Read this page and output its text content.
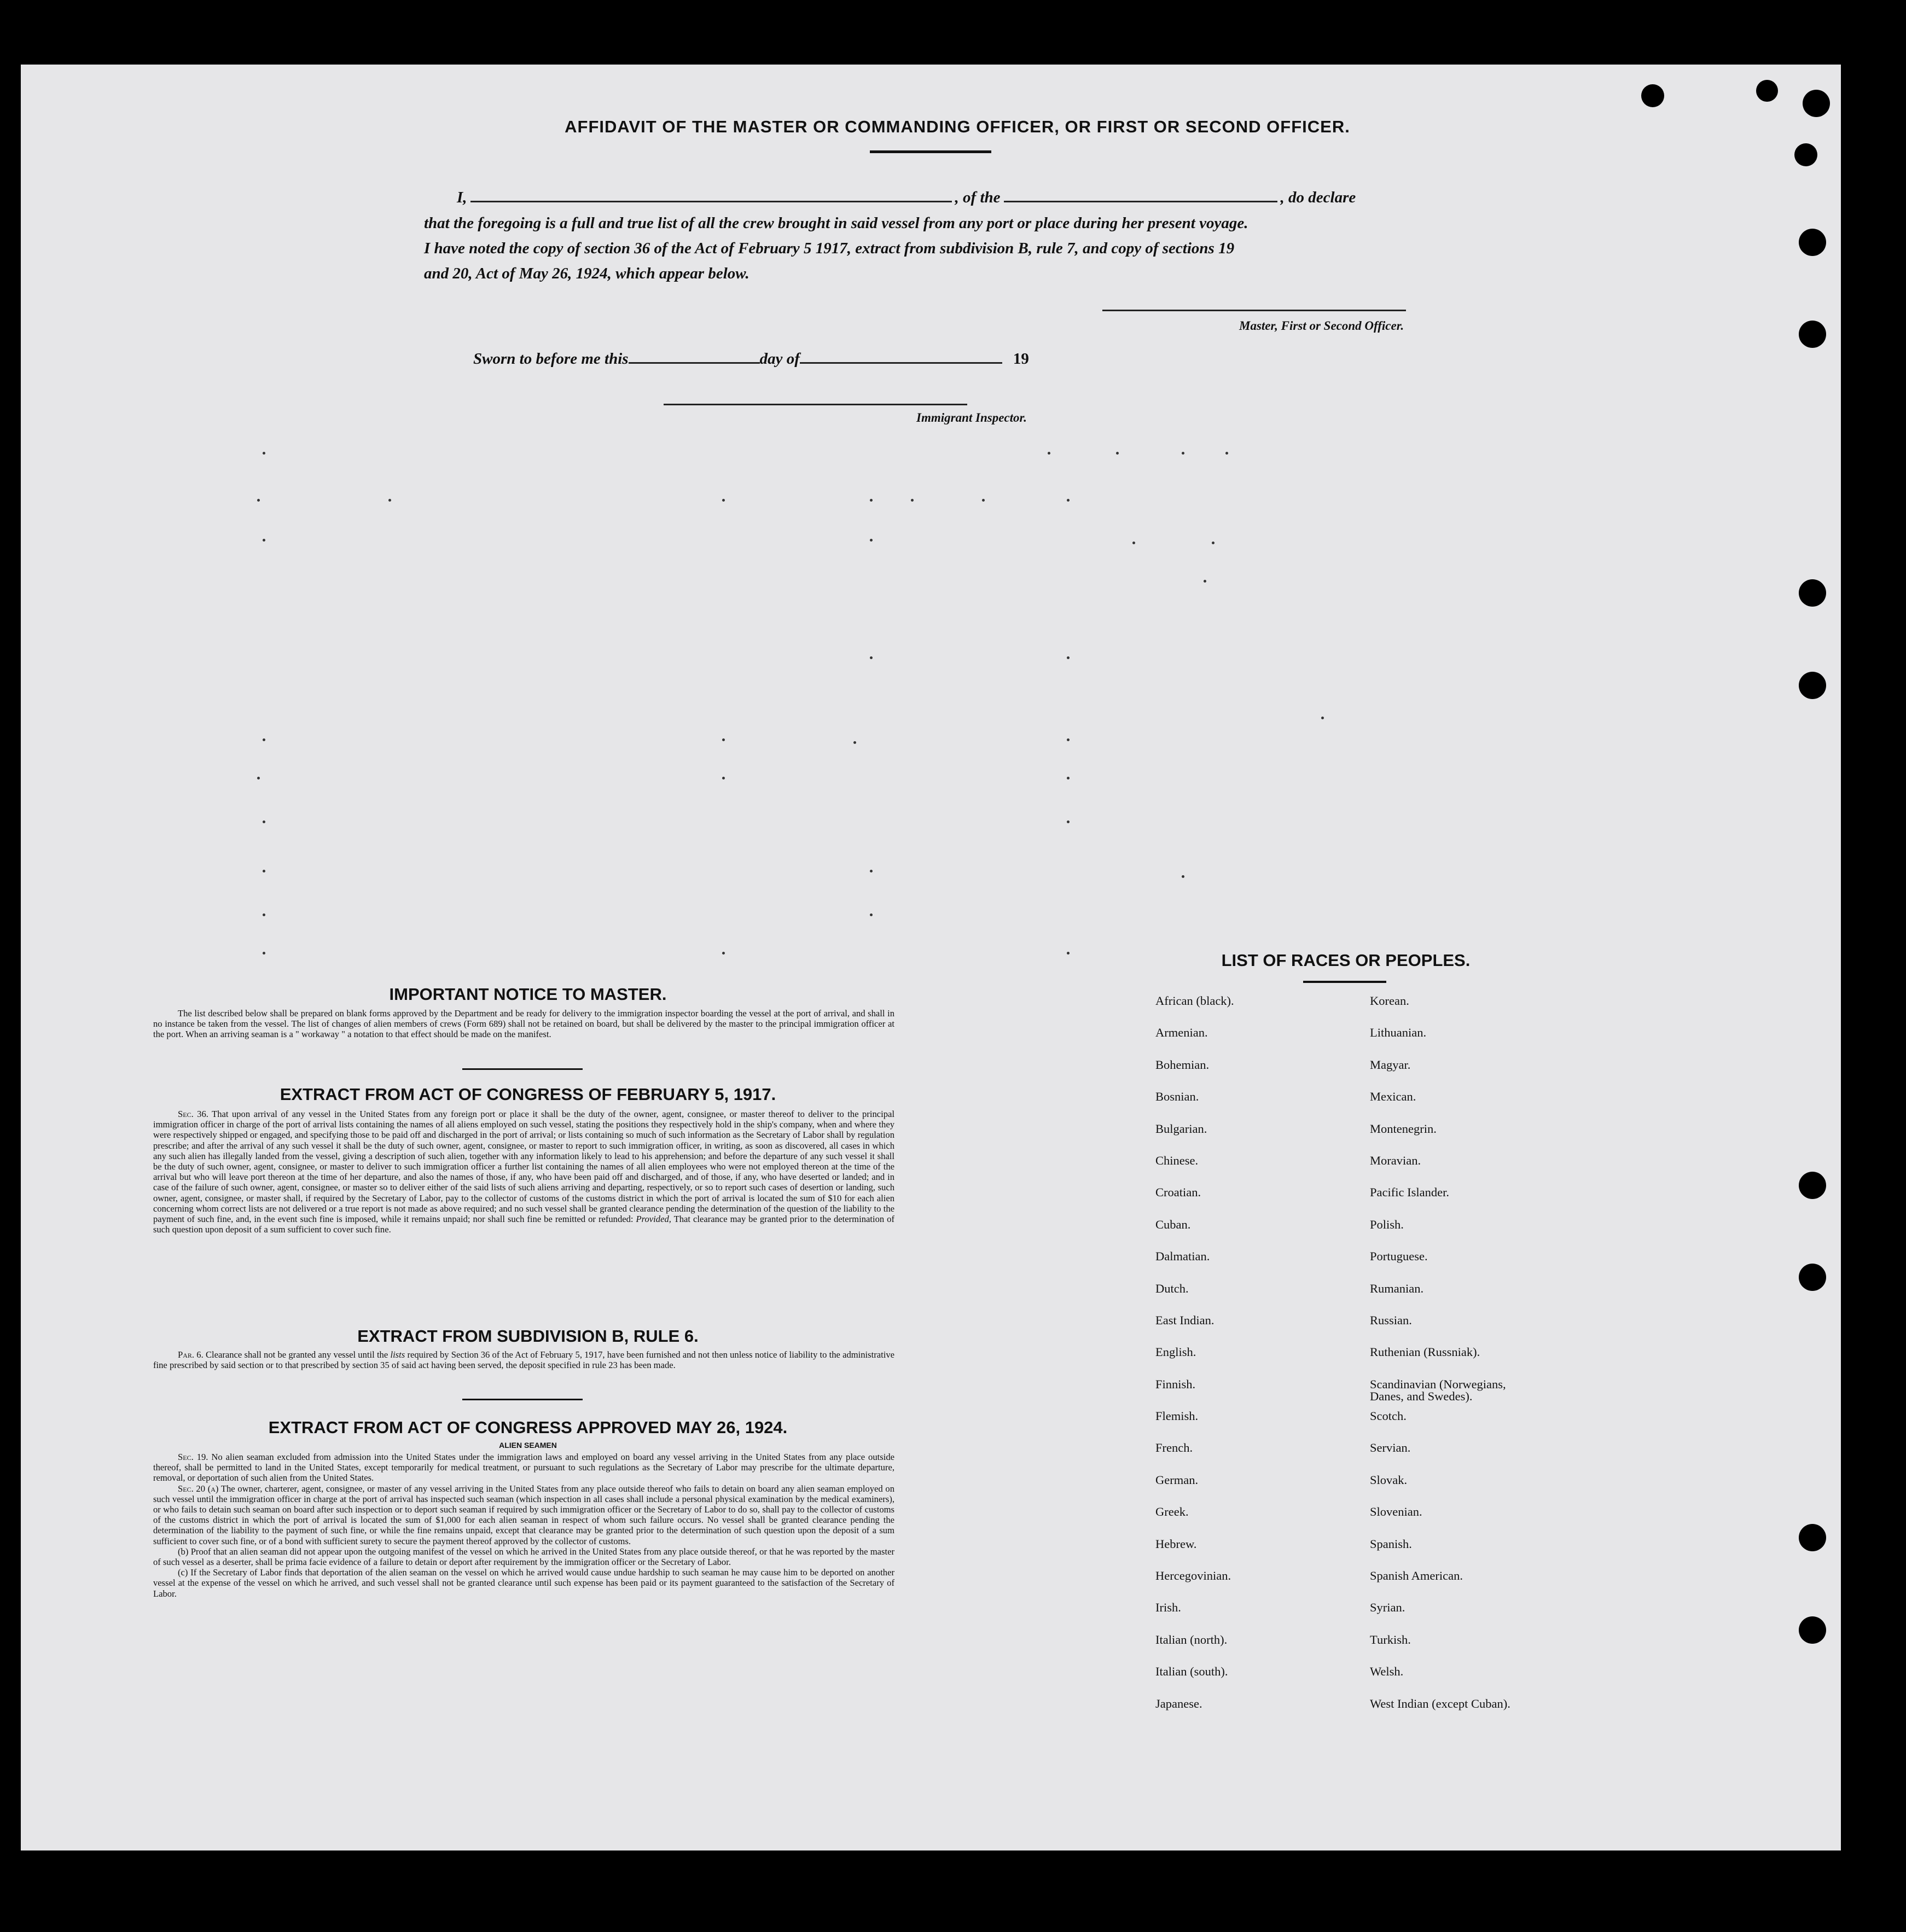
AFFIDAVIT OF THE MASTER OR COMMANDING OFFICER, OR FIRST OR SECOND OFFICER.
I,	, of the	, do declare
that the foregoing is a full and true list of all the crew brought in said vessel from any port or place during her present voyage.
I have noted the copy of section 36 of the Act of February 5 1917, extract from subdivision B, rule 7, and copy of sections 19
and 20, Act of May 26, 1924, which appear below.
Master, First or Second Officer.
Sworn to before me this	day of	19
Immigrant Inspector.
IMPORTANT NOTICE TO MASTER.

The list described below shall be prepared on blank forms approved by the Department and be ready for delivery to the immigration inspector boarding the vessel at the port of arrival, and shall in no instance be taken from the vessel. The list of changes of alien members of crews (Form 689) shall not be retained on board, but shall be delivered by the master to the principal immigration officer at the port. When an arriving seaman is a " workaway " a notation to that effect should be made on the manifest.

EXTRACT FROM ACT OF CONGRESS OF FEBRUARY 5, 1917.

Sec. 36. That upon arrival of any vessel in the United States from any foreign port or place it shall be the duty of the owner, agent, consignee, or master thereof to deliver to the principal immigration officer in charge of the port of arrival lists containing the names of all aliens employed on such vessel, stating the positions they respectively hold in the ship's company, when and where they were respectively shipped or engaged, and specifying those to be paid off and discharged in the port of arrival; or lists containing so much of such information as the Secretary of Labor shall by regulation prescribe; and after the arrival of any such vessel it shall be the duty of such owner, agent, consignee, or master to report to such immigration officer, in writing, as soon as discovered, all cases in which any such alien has illegally landed from the vessel, giving a description of such alien, together with any information likely to lead to his apprehension; and before the departure of any such vessel it shall be the duty of such owner, agent, consignee, or master to deliver to such immigration officer a further list containing the names of all alien employees who were not employed thereon at the time of the arrival but who will leave port thereon at the time of her departure, and also the names of those, if any, who have been paid off and discharged, and of those, if any, who have deserted or landed; and in case of the failure of such owner, agent, consignee, or master so to deliver either of the said lists of such aliens arriving and departing, respectively, or so to report such cases of desertion or landing, such owner, agent, consignee, or master shall, if required by the Secretary of Labor, pay to the collector of customs of the customs district in which the port of arrival is located the sum of $10 for each alien concerning whom correct lists are not delivered or a true report is not made as above required; and no such vessel shall be granted clearance pending the determination of the question of the liability to the payment of such fine, and, in the event such fine is imposed, while it remains unpaid; nor shall such fine be remitted or refunded: Provided, That clearance may be granted prior to the determination of such question upon deposit of a sum sufficient to cover such fine.

EXTRACT FROM SUBDIVISION B, RULE 6.

Par. 6. Clearance shall not be granted any vessel until the lists required by Section 36 of the Act of February 5, 1917, have been furnished and not then unless notice of liability to the administrative fine prescribed by said section or to that prescribed by section 35 of said act having been served, the deposit specified in rule 23 has been made.

EXTRACT FROM ACT OF CONGRESS APPROVED MAY 26, 1924.
ALIEN SEAMEN

Sec. 19. No alien seaman excluded from admission into the United States under the immigration laws and employed on board any vessel arriving in the United States from any place outside thereof, shall be permitted to land in the United States, except temporarily for medical treatment, or pursuant to such regulations as the Secretary of Labor may prescribe for the ultimate departure, removal, or deportation of such alien from the United States.

Sec. 20 (a) The owner, charterer, agent, consignee, or master of any vessel arriving in the United States from any place outside thereof who fails to detain on board any alien seaman employed on such vessel until the immigration officer in charge at the port of arrival has inspected such seaman (which inspection in all cases shall include a personal physical examination by the medical examiners), or who fails to detain such seaman on board after such inspection or to deport such seaman if required by such immigration officer or the Secretary of Labor to do so, shall pay to the collector of customs of the customs district in which the port of arrival is located the sum of $1,000 for each alien seaman in respect of whom such failure occurs. No vessel shall be granted clearance pending the determination of the liability to the payment of such fine, or while the fine remains unpaid, except that clearance may be granted prior to the determination of such question upon the deposit of a sum sufficient to cover such fine, or of a bond with sufficient surety to secure the payment thereof approved by the collector of customs.

(b) Proof that an alien seaman did not appear upon the outgoing manifest of the vessel on which he arrived in the United States from any place outside thereof, or that he was reported by the master of such vessel as a deserter, shall be prima facie evidence of a failure to detain or deport after requirement by the immigration officer or the Secretary of Labor.

(c) If the Secretary of Labor finds that deportation of the alien seaman on the vessel on which he arrived would cause undue hardship to such seaman he may cause him to be deported on another vessel at the expense of the vessel on which he arrived, and such vessel shall not be granted clearance until such expense has been paid or its payment guaranteed to the satisfaction of the Secretary of Labor.

LIST OF RACES OR PEOPLES.
African (black).	Korean.
Armenian.	Lithuanian.
Bohemian.	Magyar.
Bosnian.	Mexican.
Bulgarian.	Montenegrin.
Chinese.	Moravian.
Croatian.	Pacific Islander.
Cuban.	Polish.
Dalmatian.	Portuguese.
Dutch.	Rumanian.
East Indian.	Russian.
English.	Ruthenian (Russniak).
Finnish.	Scandinavian (Norwegians,
Danes, and Swedes).
Flemish.	Scotch.
French.	Servian.
German.	Slovak.
Greek.	Slovenian.
Hebrew.	Spanish.
Hercegovinian.	Spanish American.
Irish.	Syrian.
Italian (north).	Turkish.
Italian (south).	Welsh.
Japanese.	West Indian (except Cuban).
